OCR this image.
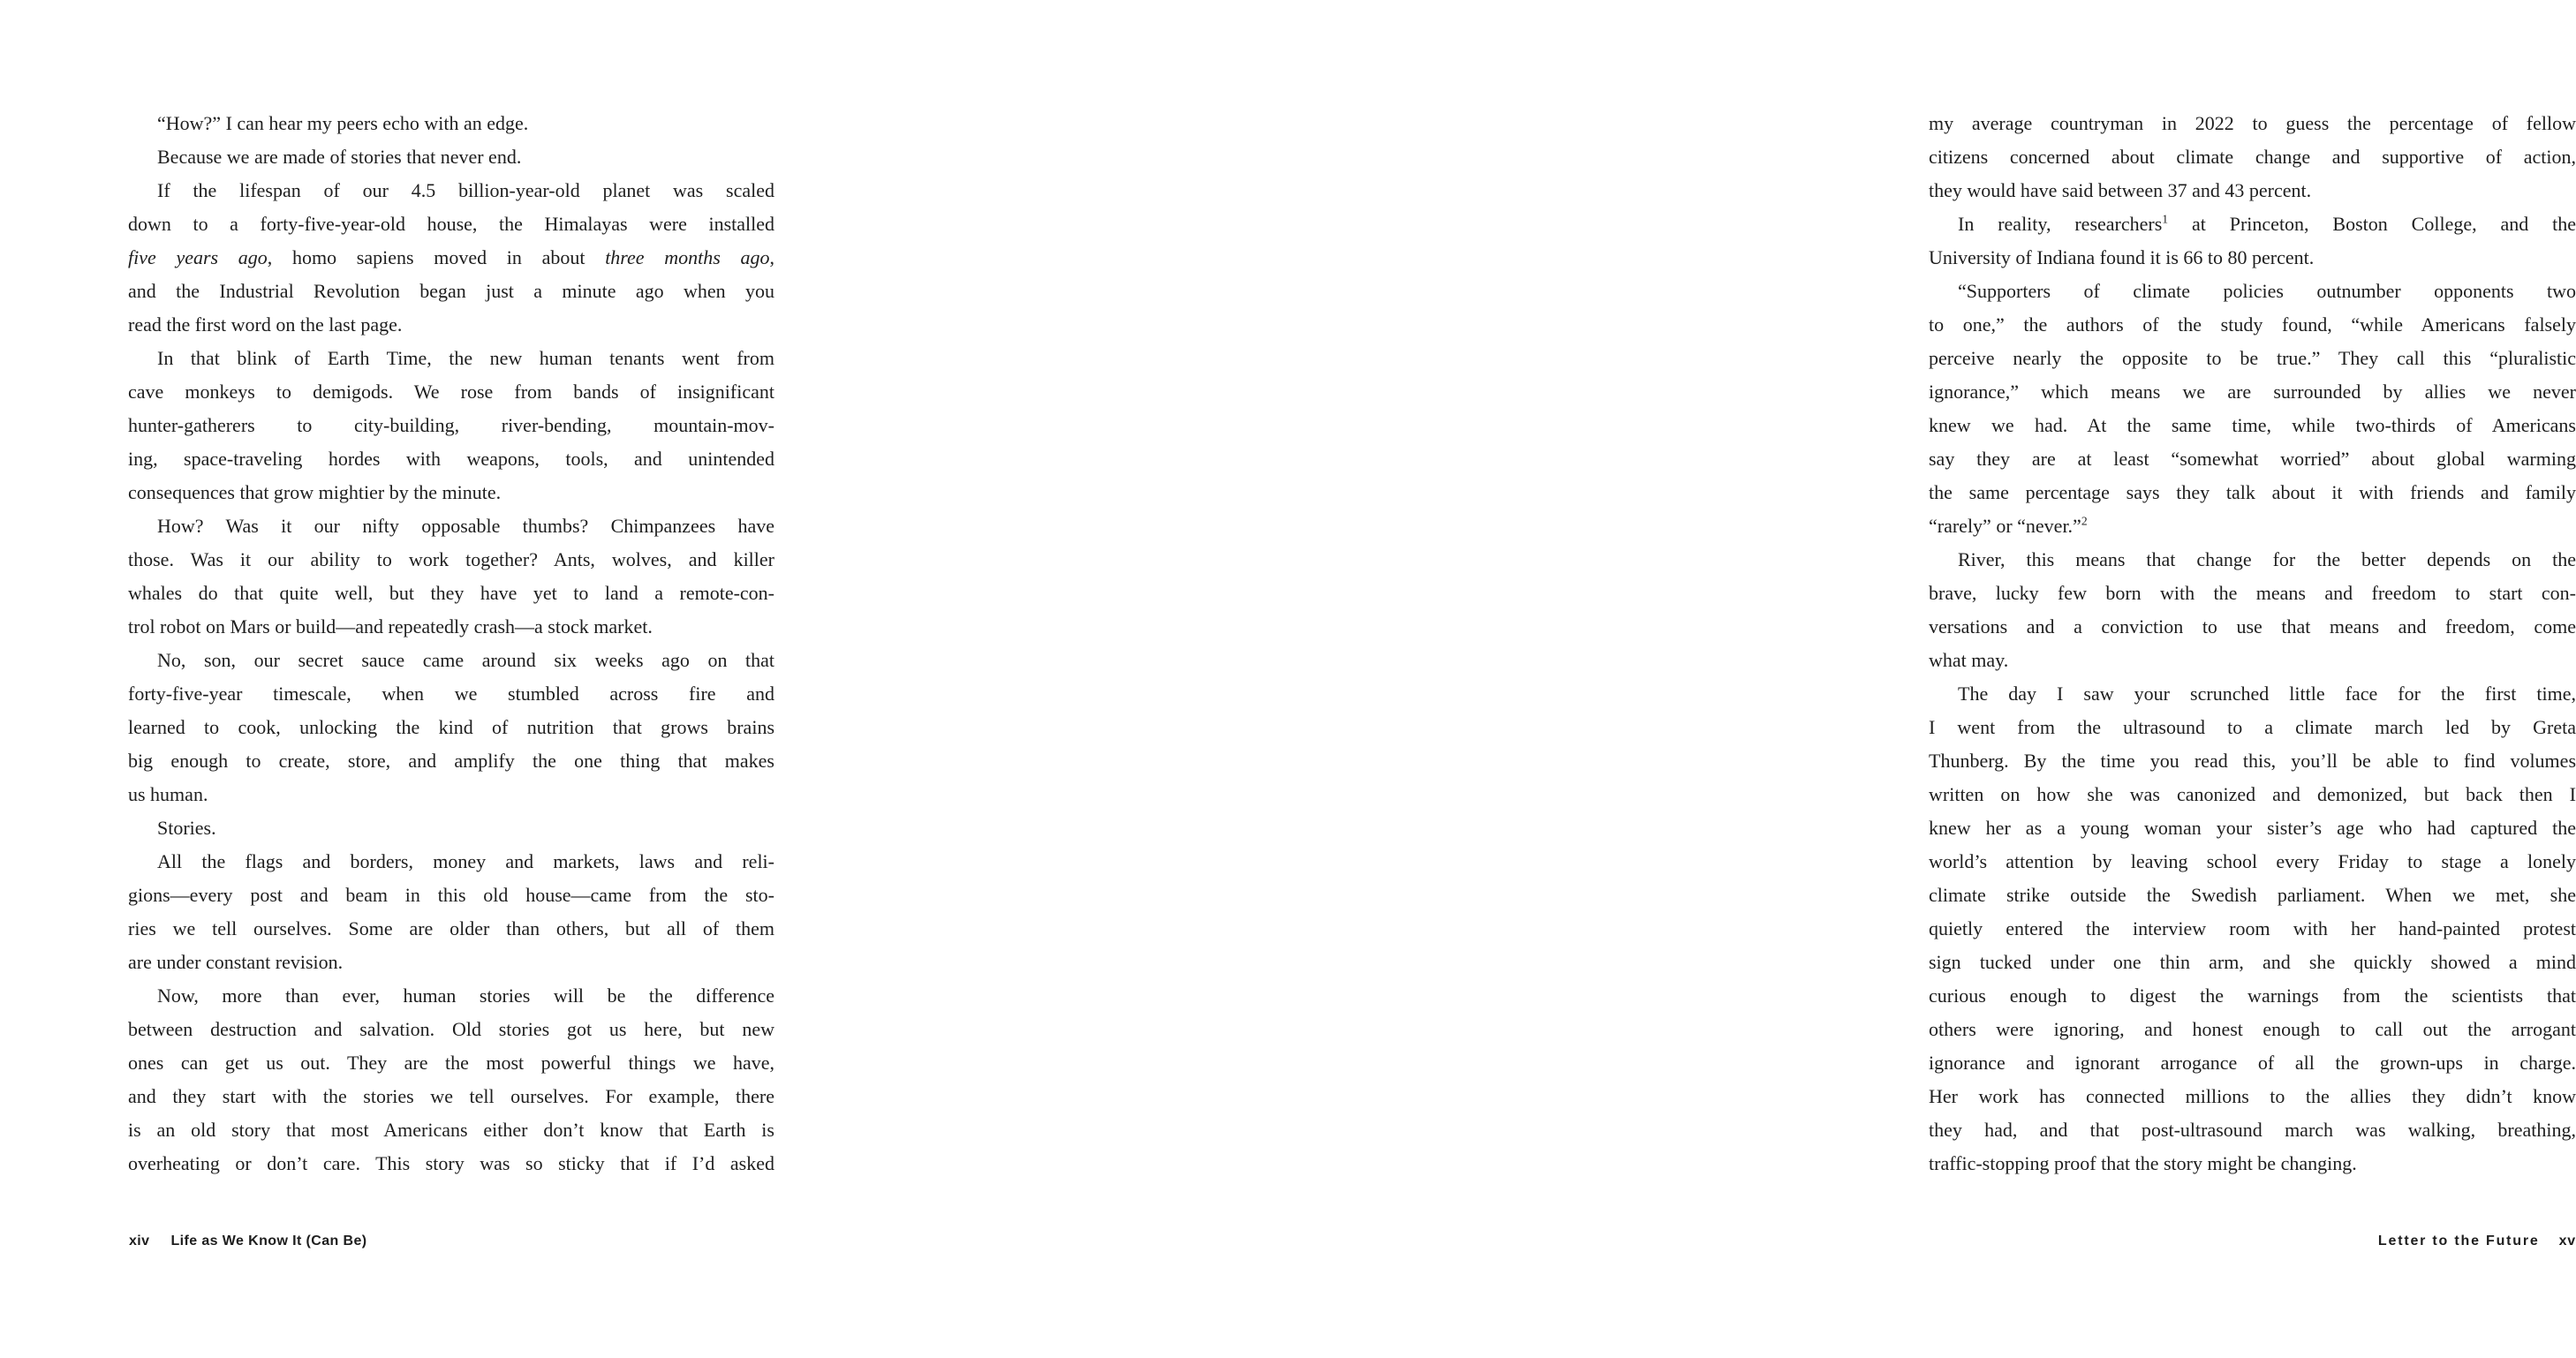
“How?” I can hear my peers echo with an edge.
Because we are made of stories that never end.
If the lifespan of our 4.5 billion-year-old planet was scaled
down to a forty-five-year-old house, the Himalayas were installed
five years ago, homo sapiens moved in about three months ago,
and the Industrial Revolution began just a minute ago when you
read the first word on the last page.
In that blink of Earth Time, the new human tenants went from
cave monkeys to demigods. We rose from bands of insignificant
hunter-gatherers to city-building, river-bending, mountain-mov-
ing, space-traveling hordes with weapons, tools, and unintended
consequences that grow mightier by the minute.
How? Was it our nifty opposable thumbs? Chimpanzees have
those. Was it our ability to work together? Ants, wolves, and killer
whales do that quite well, but they have yet to land a remote-con-
trol robot on Mars or build—and repeatedly crash—a stock market.
No, son, our secret sauce came around six weeks ago on that
forty-five-year timescale, when we stumbled across fire and
learned to cook, unlocking the kind of nutrition that grows brains
big enough to create, store, and amplify the one thing that makes
us human.
Stories.
All the flags and borders, money and markets, laws and reli-
gions—every post and beam in this old house—came from the sto-
ries we tell ourselves. Some are older than others, but all of them
are under constant revision.
Now, more than ever, human stories will be the difference
between destruction and salvation. Old stories got us here, but new
ones can get us out. They are the most powerful things we have,
and they start with the stories we tell ourselves. For example, there
is an old story that most Americans either don’t know that Earth is
overheating or don’t care. This story was so sticky that if I’d asked
xiv Life as We Know It (Can Be)
my average countryman in 2022 to guess the percentage of fellow
citizens concerned about climate change and supportive of action,
they would have said between 37 and 43 percent.
In reality, researchers$^1$ at Princeton, Boston College, and the
University of Indiana found it is 66 to 80 percent.
“Supporters of climate policies outnumber opponents two
to one,” the authors of the study found, “while Americans falsely
perceive nearly the opposite to be true.” They call this “pluralistic
ignorance,” which means we are surrounded by allies we never
knew we had. At the same time, while two-thirds of Americans
say they are at least “somewhat worried” about global warming
the same percentage says they talk about it with friends and family
“rarely” or “never.”$^2$
River, this means that change for the better depends on the
brave, lucky few born with the means and freedom to start con-
versations and a conviction to use that means and freedom, come
what may.
The day I saw your scrunched little face for the first time,
I went from the ultrasound to a climate march led by Greta
Thunberg. By the time you read this, you’ll be able to find volumes
written on how she was canonized and demonized, but back then I
knew her as a young woman your sister’s age who had captured the
world’s attention by leaving school every Friday to stage a lonely
climate strike outside the Swedish parliament. When we met, she
quietly entered the interview room with her hand-painted protest
sign tucked under one thin arm, and she quickly showed a mind
curious enough to digest the warnings from the scientists that
others were ignoring, and honest enough to call out the arrogant
ignorance and ignorant arrogance of all the grown-ups in charge.
Her work has connected millions to the allies they didn’t know
they had, and that post-ultrasound march was walking, breathing,
traffic-stopping proof that the story might be changing.
Letter to the Future xv
